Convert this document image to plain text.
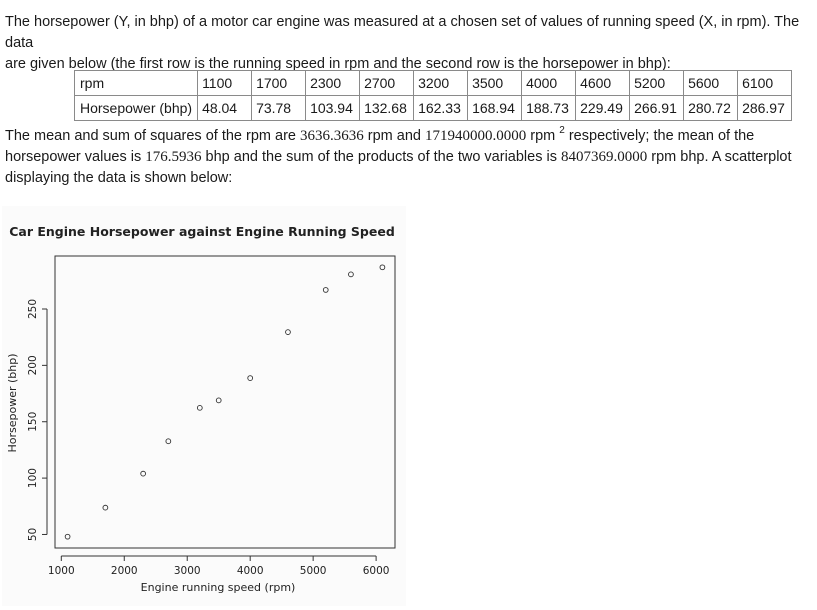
The horsepower (Y, in bhp) of a motor car engine was measured at a chosen set of values of running speed (X, in rpm). The data
are given below (the first row is the running speed in rpm and the second row is the horsepower in bhp):
rpm	1100	1700	2300	2700	3200	3500	4000	4600	5200	5600	6100
Horsepower (bhp)	48.04	73.78	103.94	132.68	162.33	168.94	188.73	229.49	266.91	280.72	286.97
The mean and sum of squares of the rpm are 3636.3636 rpm and 171940000.0000 rpm $^2$ respectively; the mean of the
horsepower values is 176.5936 bhp and the sum of the products of the two variables is 8407369.0000 rpm bhp. A scatterplot
displaying the data is shown below:
Car Engine Horsepower against Engine Running Speed
Engine running speed (rpm)
Horsepower (bhp)
1000	2000	3000	4000	5000	6000
50
100
150
200
250
